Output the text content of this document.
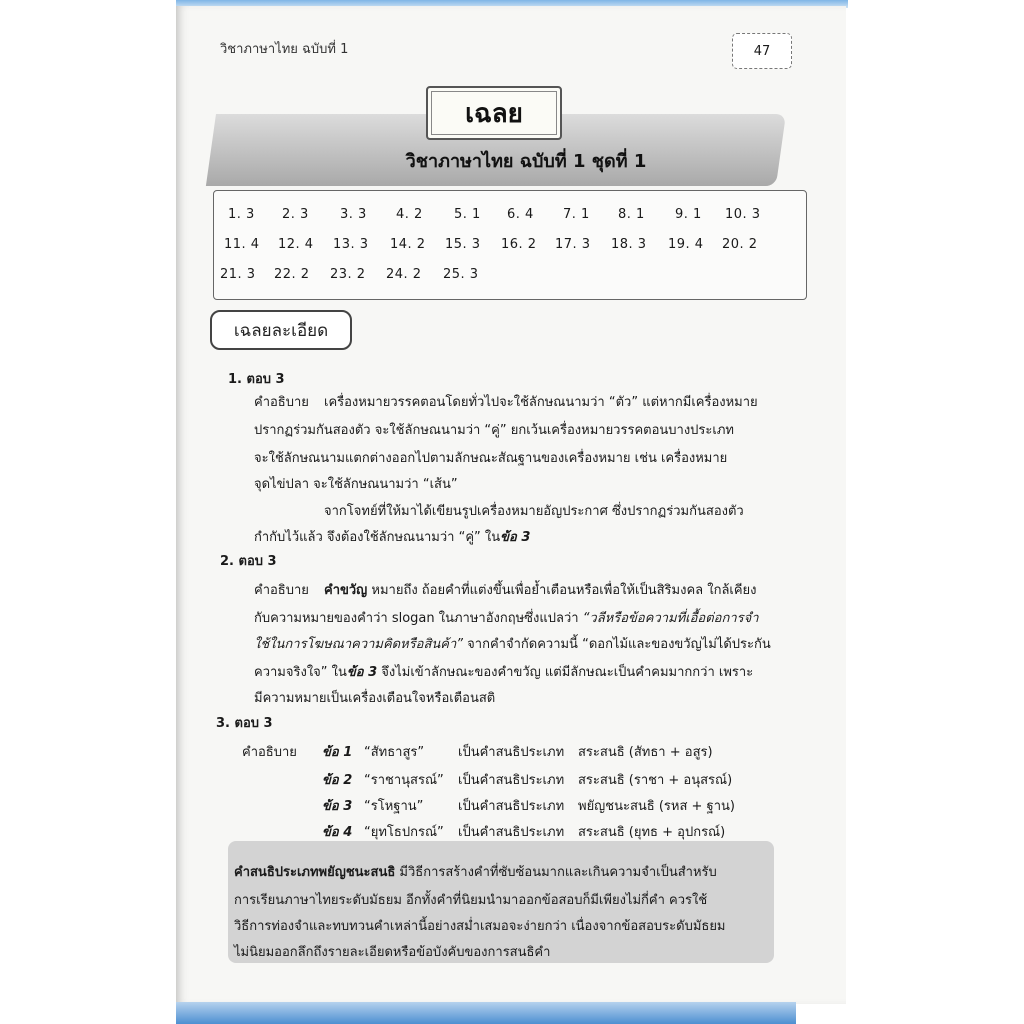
วิชาภาษาไทย ฉบับที่ 1	47
เฉลย
วิชาภาษาไทย ฉบับที่ 1 ชุดที่ 1
1. 3 2. 3 3. 3 4. 2 5. 1 6. 4 7. 1 8. 1 9. 1 10. 3
11. 4 12. 4 13. 3 14. 2 15. 3 16. 2 17. 3 18. 3 19. 4 20. 2
21. 3 22. 2 23. 2 24. 2 25. 3
เฉลยละเอียด
1. ตอบ 3
คำอธิบาย เครื่องหมายวรรคตอนโดยทั่วไปจะใช้ลักษณนามว่า “ตัว” แต่หากมีเครื่องหมาย
ปรากฏร่วมกันสองตัว จะใช้ลักษณนามว่า “คู่” ยกเว้นเครื่องหมายวรรคตอนบางประเภท
จะใช้ลักษณนามแตกต่างออกไปตามลักษณะสัณฐานของเครื่องหมาย เช่น เครื่องหมาย
จุดไข่ปลา จะใช้ลักษณนามว่า “เส้น”
จากโจทย์ที่ให้มาได้เขียนรูปเครื่องหมายอัญประกาศ ซึ่งปรากฏร่วมกันสองตัว
กำกับไว้แล้ว จึงต้องใช้ลักษณนามว่า “คู่” ในข้อ 3
2. ตอบ 3
คำอธิบาย คำขวัญ หมายถึง ถ้อยคำที่แต่งขึ้นเพื่อย้ำเตือนหรือเพื่อให้เป็นสิริมงคล ใกล้เคียง
กับความหมายของคำว่า slogan ในภาษาอังกฤษซึ่งแปลว่า “วลีหรือข้อความที่เอื้อต่อการจำ
ใช้ในการโฆษณาความคิดหรือสินค้า” จากคำจำกัดความนี้ “ดอกไม้และของขวัญไม่ได้ประกัน
ความจริงใจ” ในข้อ 3 จึงไม่เข้าลักษณะของคำขวัญ แต่มีลักษณะเป็นคำคมมากกว่า เพราะ
มีความหมายเป็นเครื่องเตือนใจหรือเตือนสติ
3. ตอบ 3
คำอธิบาย ข้อ 1 “สัทธาสูร”	เป็นคำสนธิประเภท สระสนธิ (สัทธา + อสูร)
ข้อ 2 “ราชานุสรณ์” เป็นคำสนธิประเภท สระสนธิ (ราชา + อนุสรณ์)
ข้อ 3 “รโหฐาน”	เป็นคำสนธิประเภท พยัญชนะสนธิ (รหส + ฐาน)
ข้อ 4 “ยุทโธปกรณ์” เป็นคำสนธิประเภท สระสนธิ (ยุทธ + อุปกรณ์)
คำสนธิประเภทพยัญชนะสนธิ มีวิธีการสร้างคำที่ซับซ้อนมากและเกินความจำเป็นสำหรับ
การเรียนภาษาไทยระดับมัธยม อีกทั้งคำที่นิยมนำมาออกข้อสอบก็มีเพียงไม่กี่คำ ควรใช้
วิธีการท่องจำและทบทวนคำเหล่านี้อย่างสม่ำเสมอจะง่ายกว่า เนื่องจากข้อสอบระดับมัธยม
ไม่นิยมออกลึกถึงรายละเอียดหรือข้อบังคับของการสนธิคำ
